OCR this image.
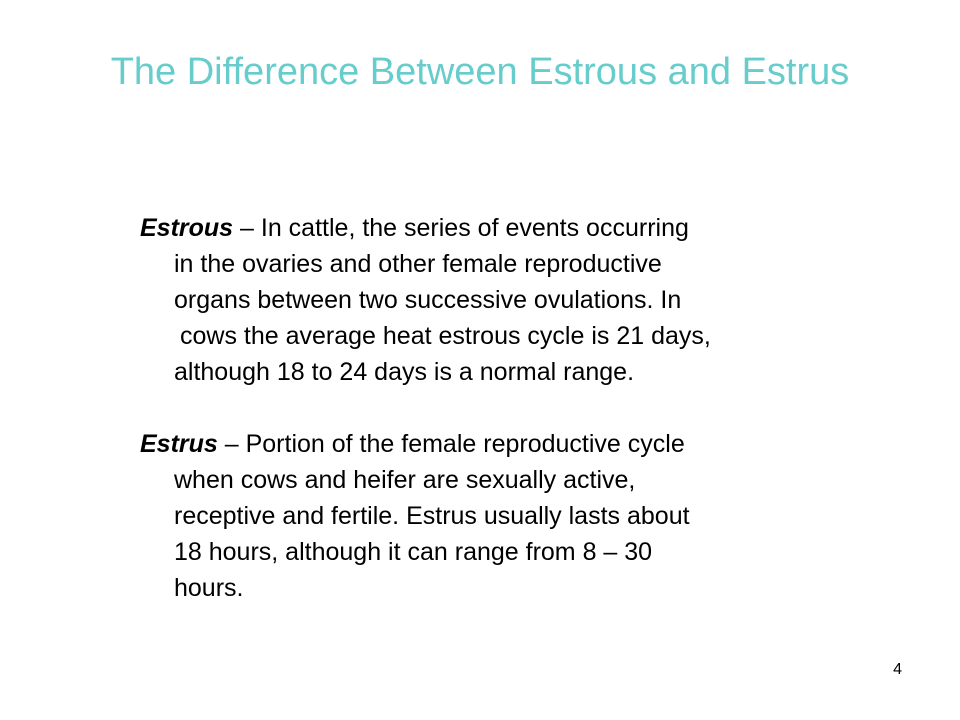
The Difference Between Estrous and Estrus

Estrous – In cattle, the series of events occurring
in the ovaries and other female reproductive
organs between two successive ovulations. In
cows the average heat estrous cycle is 21 days,
although 18 to 24 days is a normal range.

Estrus – Portion of the female reproductive cycle
when cows and heifer are sexually active,
receptive and fertile. Estrus usually lasts about
18 hours, although it can range from 8 – 30
hours.

4
